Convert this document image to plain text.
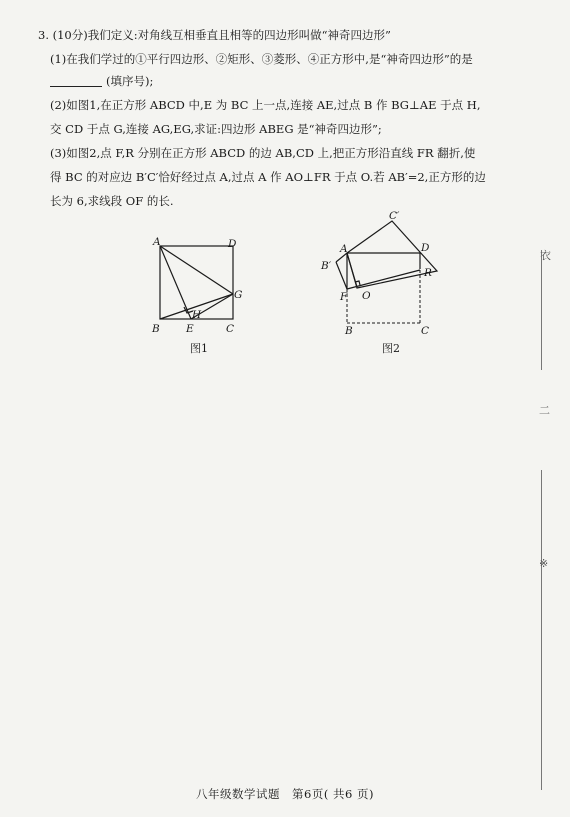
3. (10分)我们定义:对角线互相垂直且相等的四边形叫做“神奇四边形”
(1)在我们学过的①平行四边形、②矩形、③菱形、④正方形中,是“神奇四边形”的是
(填序号);
(2)如图1,在正方形 ABCD 中,E 为 BC 上一点,连接 AE,过点 B 作 BG⊥AE 于点 H,
交 CD 于点 G,连接 AG,EG,求证:四边形 ABEG 是“神奇四边形”;
(3)如图2,点 F,R 分别在正方形 ABCD 的边 AB,CD 上,把正方形沿直线 FR 翻折,使
得 BC 的对应边 B′C′恰好经过点 A,过点 A 作 AO⊥FR 于点 O.若 AB′=2,正方形的边
长为 6,求线段 OF 的长.
A	D
G
B	E
H
C
C′
A	D
B′
R
F O
B	C
图1	图2
衣
二
※
八年级数学试题　第6页( 共6 页)
